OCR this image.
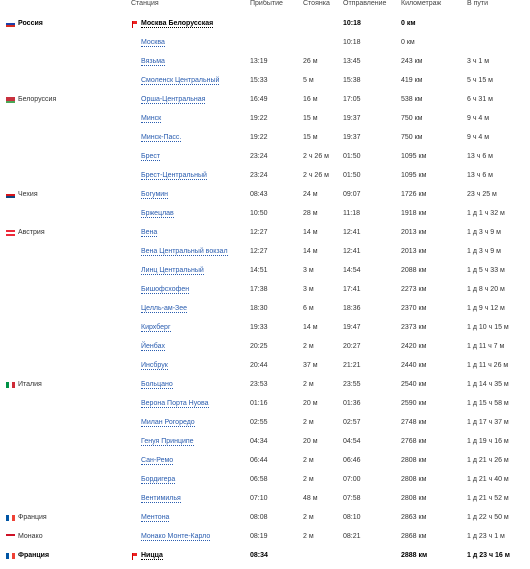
	Станция	Прибытие	Стоянка	Отправление	Километраж	В пути

Россия	Москва Белорусская			10:18	0 км	
	Москва			10:18	0 км	
	Вязьма	13:19	26 м	13:45	243 км	3 ч 1 м
	Смоленск Центральный	15:33	5 м	15:38	419 км	5 ч 15 м

Белоруссия	Орша-Центральная	16:49	16 м	17:05	538 км	6 ч 31 м
	Минск	19:22	15 м	19:37	750 км	9 ч 4 м
	Минск-Пасс.	19:22	15 м	19:37	750 км	9 ч 4 м
	Брест	23:24	2 ч 26 м	01:50	1095 км	13 ч 6 м
	Брест-Центральный	23:24	2 ч 26 м	01:50	1095 км	13 ч 6 м

Чехия	Богумин	08:43	24 м	09:07	1726 км	23 ч 25 м
	Бржецлав	10:50	28 м	11:18	1918 км	1 д 1 ч 32 м

Австрия	Вена	12:27	14 м	12:41	2013 км	1 д 3 ч 9 м
	Вена Центральный вокзал	12:27	14 м	12:41	2013 км	1 д 3 ч 9 м
	Линц Центральный	14:51	3 м	14:54	2088 км	1 д 5 ч 33 м
	Бишофсхофен	17:38	3 м	17:41	2273 км	1 д 8 ч 20 м
	Целль-ам-Зее	18:30	6 м	18:36	2370 км	1 д 9 ч 12 м
	Кирхберг	19:33	14 м	19:47	2373 км	1 д 10 ч 15 м
	Йенбах	20:25	2 м	20:27	2420 км	1 д 11 ч 7 м
	Инсбрук	20:44	37 м	21:21	2440 км	1 д 11 ч 26 м

Италия	Больцано	23:53	2 м	23:55	2540 км	1 д 14 ч 35 м
	Верона Порта Нуова	01:16	20 м	01:36	2590 км	1 д 15 ч 58 м
	Милан Рогоредо	02:55	2 м	02:57	2748 км	1 д 17 ч 37 м
	Генуя Принципе	04:34	20 м	04:54	2768 км	1 д 19 ч 16 м
	Сан-Ремо	06:44	2 м	06:46	2808 км	1 д 21 ч 26 м
	Бордигера	06:58	2 м	07:00	2808 км	1 д 21 ч 40 м
	Вентимилья	07:10	48 м	07:58	2808 км	1 д 21 ч 52 м

Франция	Ментона	08:08	2 м	08:10	2863 км	1 д 22 ч 50 м

Монако	Монако Монте-Карло	08:19	2 м	08:21	2868 км	1 д 23 ч 1 м

Франция	Ницца	08:34			2888 км	1 д 23 ч 16 м
